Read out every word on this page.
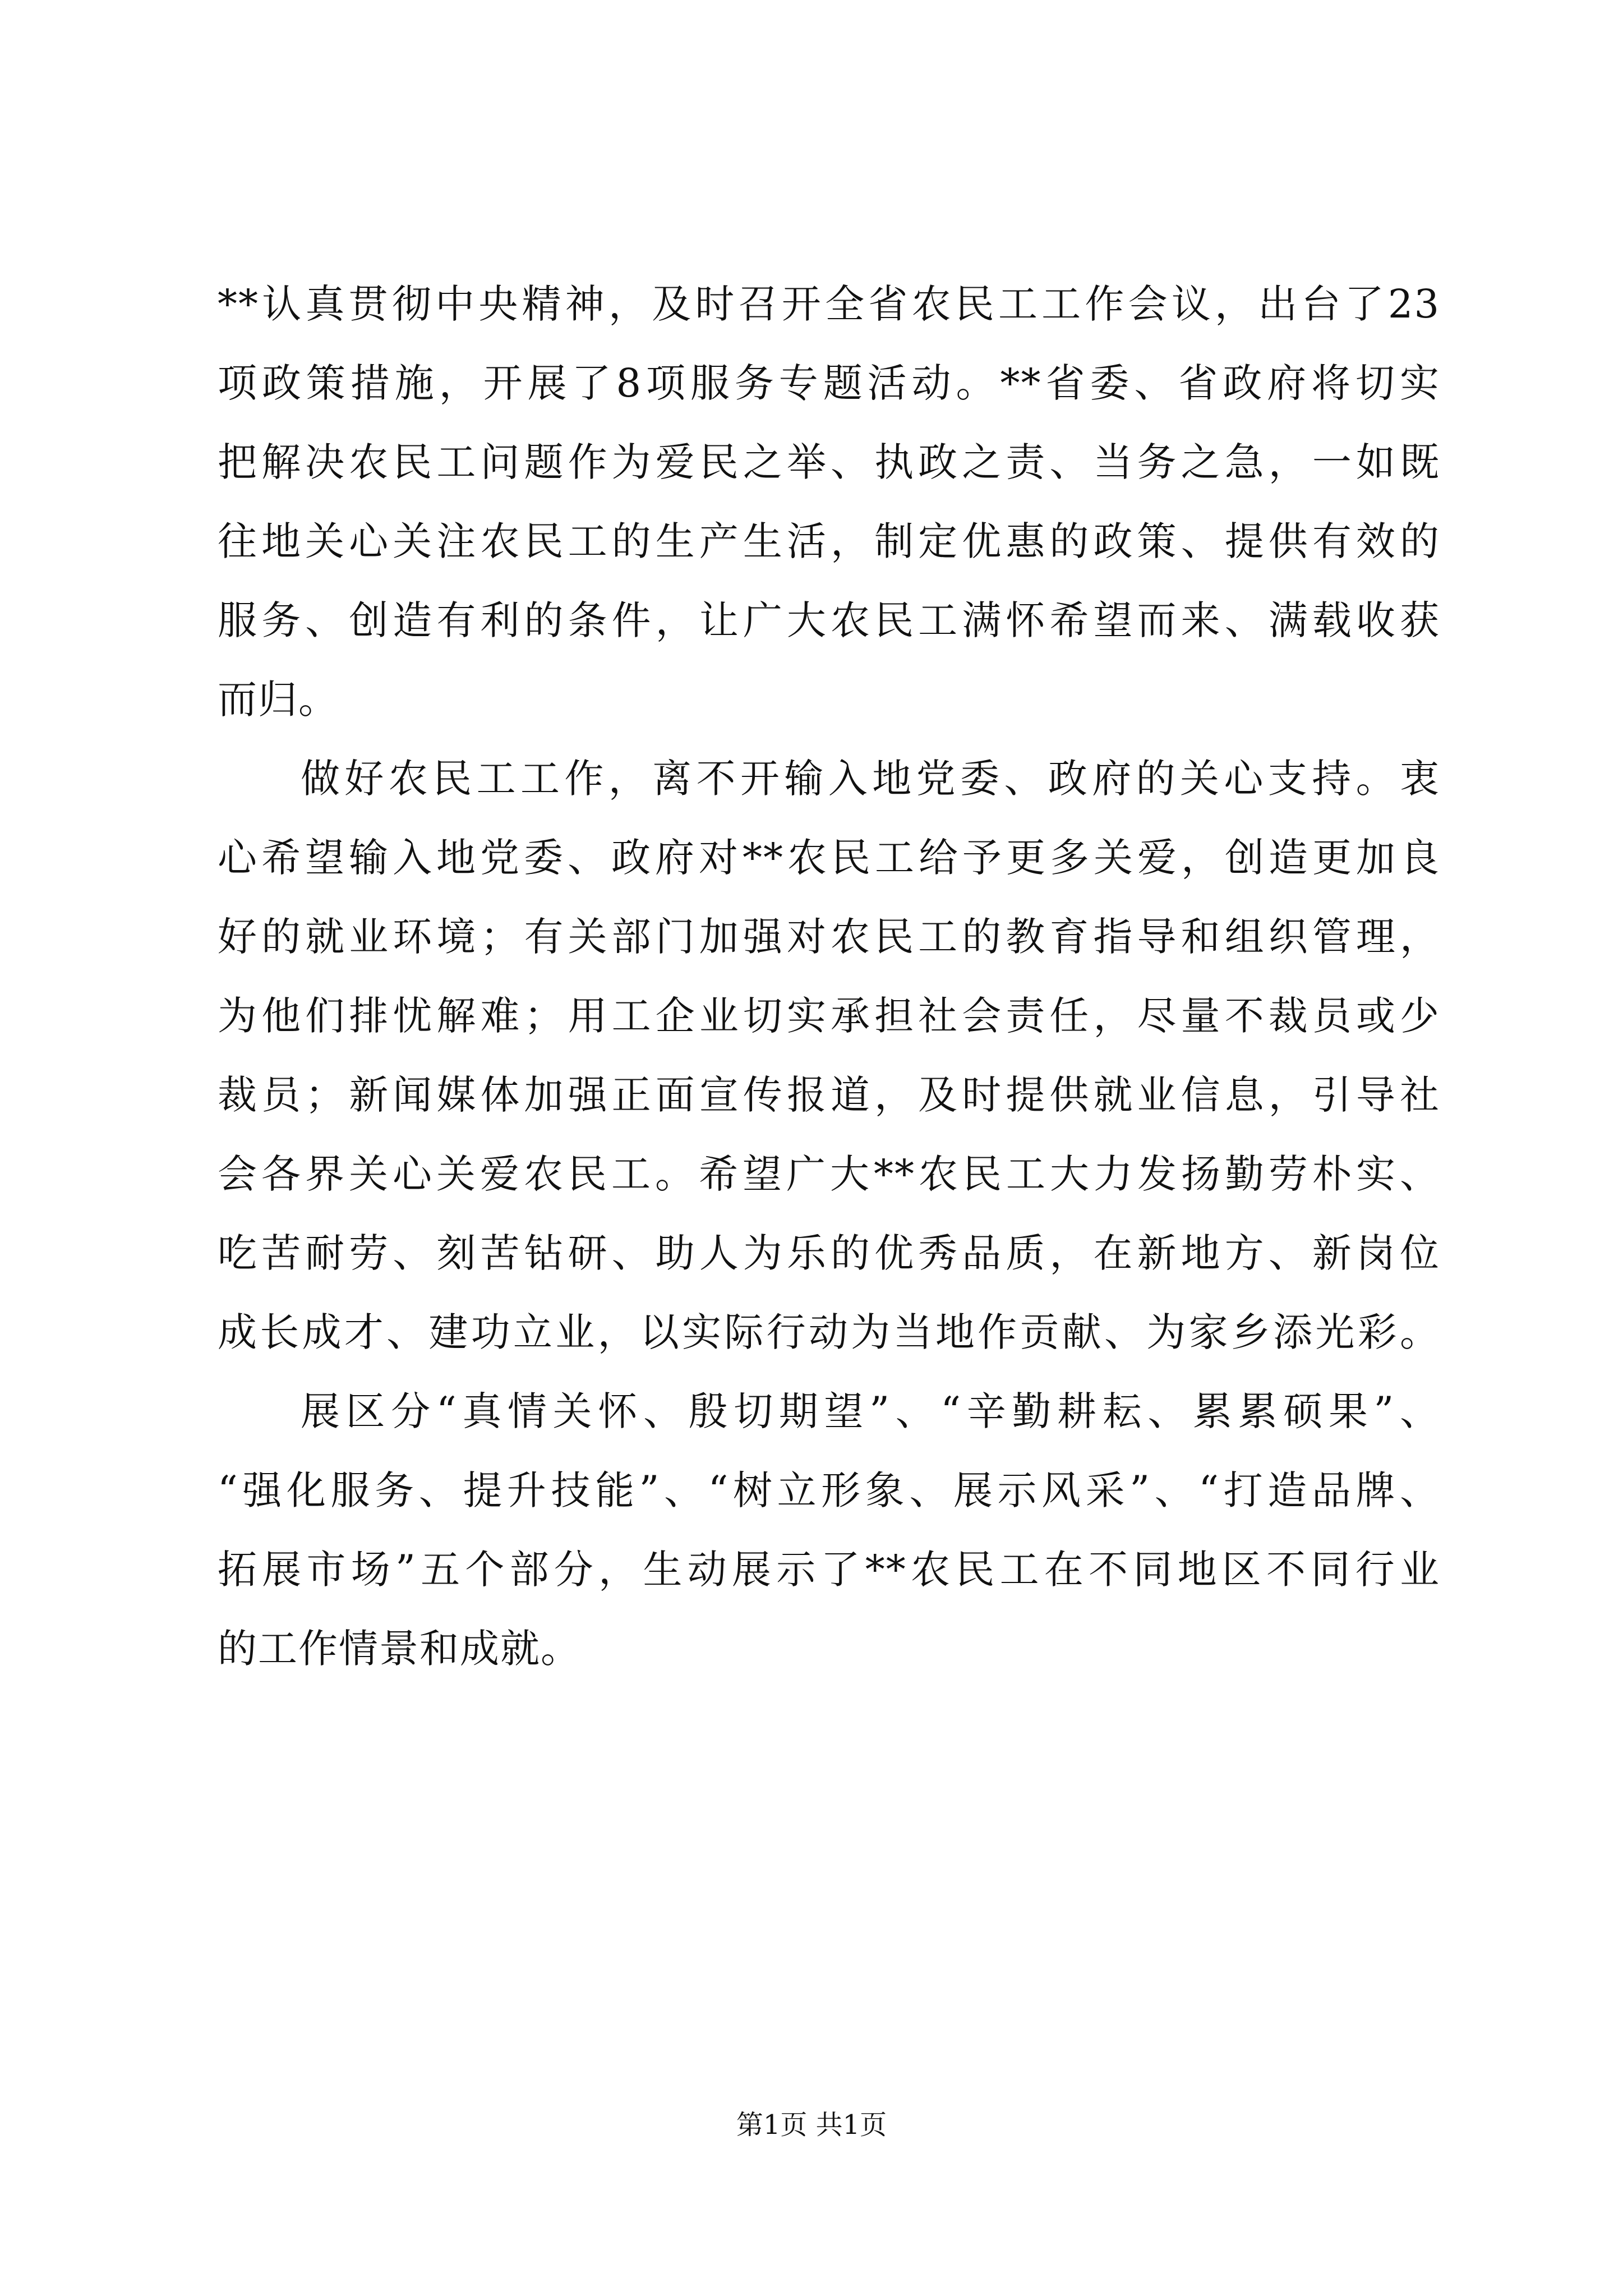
**认真贯彻中央精神，及时召开全省农民工工作会议，出台了23
项政策措施，开展了8项服务专题活动。**省委、省政府将切实
把解决农民工问题作为爱民之举、执政之责、当务之急，一如既
往地关心关注农民工的生产生活，制定优惠的政策、提供有效的
服务、创造有利的条件，让广大农民工满怀希望而来、满载收获
而归。
做好农民工工作，离不开输入地党委、政府的关心支持。衷
心希望输入地党委、政府对**农民工给予更多关爱，创造更加良
好的就业环境；有关部门加强对农民工的教育指导和组织管理，
为他们排忧解难；用工企业切实承担社会责任，尽量不裁员或少
裁员；新闻媒体加强正面宣传报道，及时提供就业信息，引导社
会各界关心关爱农民工。希望广大**农民工大力发扬勤劳朴实、
吃苦耐劳、刻苦钻研、助人为乐的优秀品质，在新地方、新岗位
成长成才、建功立业，以实际行动为当地作贡献、为家乡添光彩。
展区分“真情关怀、殷切期望”、“辛勤耕耘、累累硕果”、
“强化服务、提升技能”、“树立形象、展示风采”、“打造品牌、
拓展市场”五个部分，生动展示了**农民工在不同地区不同行业
的工作情景和成就。
第1页 共1页
